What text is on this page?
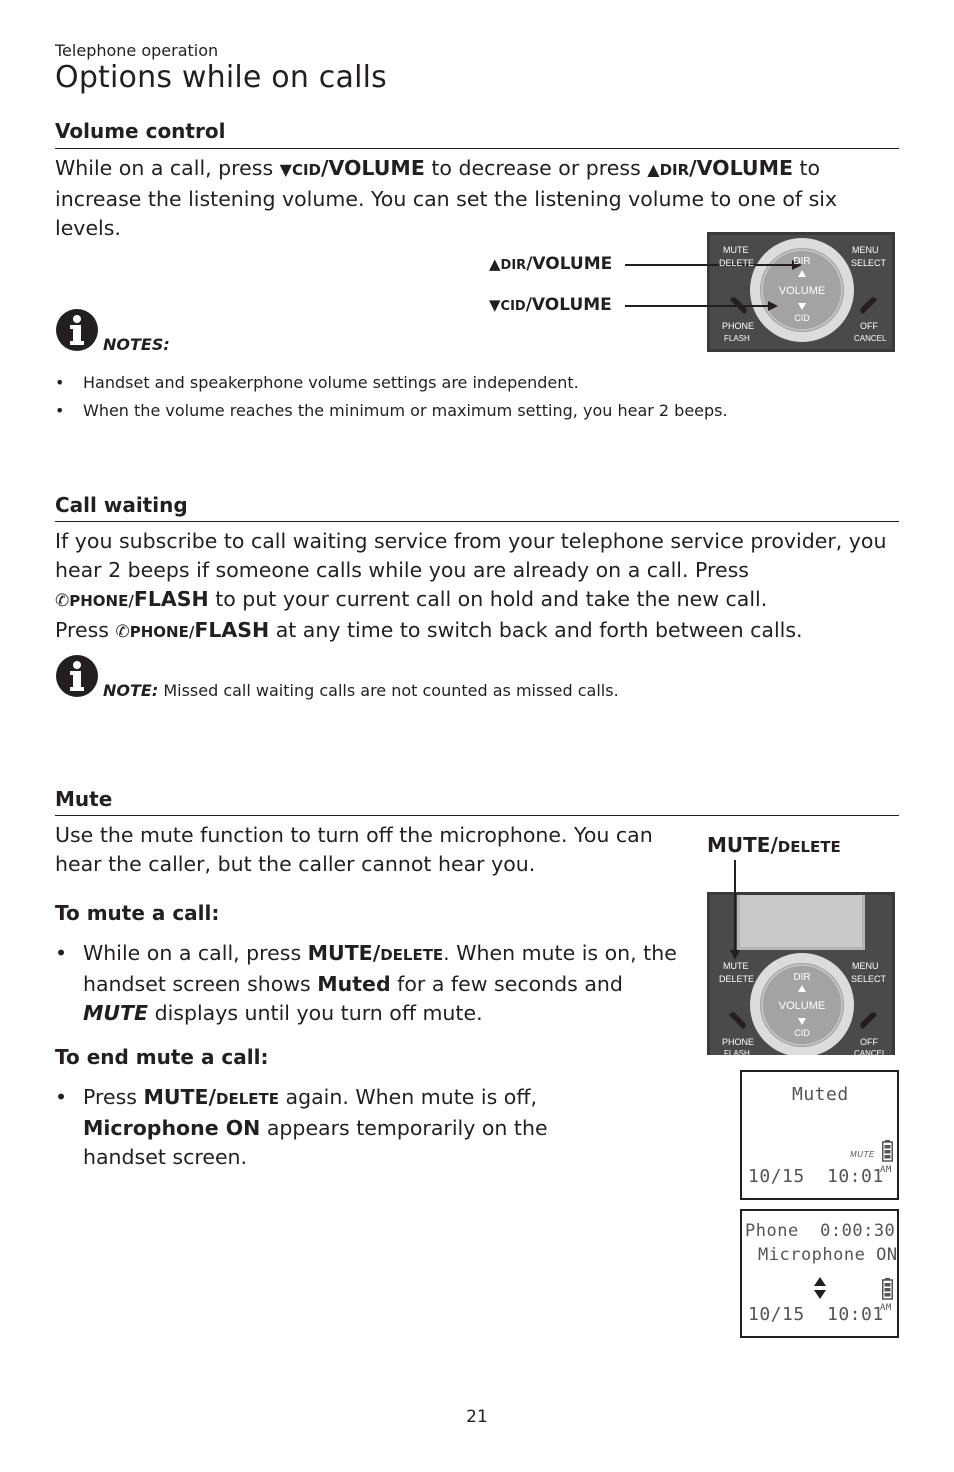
Telephone operation
Options while on calls
Volume control
While on a call, press ▼CID/VOLUME to decrease or press ▲DIR/VOLUME to increase the listening volume. You can set the listening volume to one of six levels.
▲DIR/VOLUME
▼CID/VOLUME
DIR
VOLUME
CID
MUTE
DELETE
MENU
SELECT
PHONE
FLASH
OFF
CANCEL
NOTES:
• Handset and speakerphone volume settings are independent.
• When the volume reaches the minimum or maximum setting, you hear 2 beeps.
Call waiting
If you subscribe to call waiting service from your telephone service provider, you hear 2 beeps if someone calls while you are already on a call. Press ✆PHONE/FLASH to put your current call on hold and take the new call.
Press ✆PHONE/FLASH at any time to switch back and forth between calls.
NOTE: Missed call waiting calls are not counted as missed calls.
Mute
Use the mute function to turn off the microphone. You can hear the caller, but the caller cannot hear you.
To mute a call:
• While on a call, press MUTE/DELETE. When mute is on, the handset screen shows Muted for a few seconds and MUTE displays until you turn off mute.
To end mute a call:
• Press MUTE/DELETE again. When mute is off, Microphone ON appears temporarily on the handset screen.
MUTE/DELETE
DIR
VOLUME
CID
MUTE
DELETE
MENU
SELECT
PHONE
FLASH
OFF
CANCEL
Muted
MUTE
10/15 10:01
AM
Phone  0:00:30
Microphone ON
10/15 10:01
AM
21
